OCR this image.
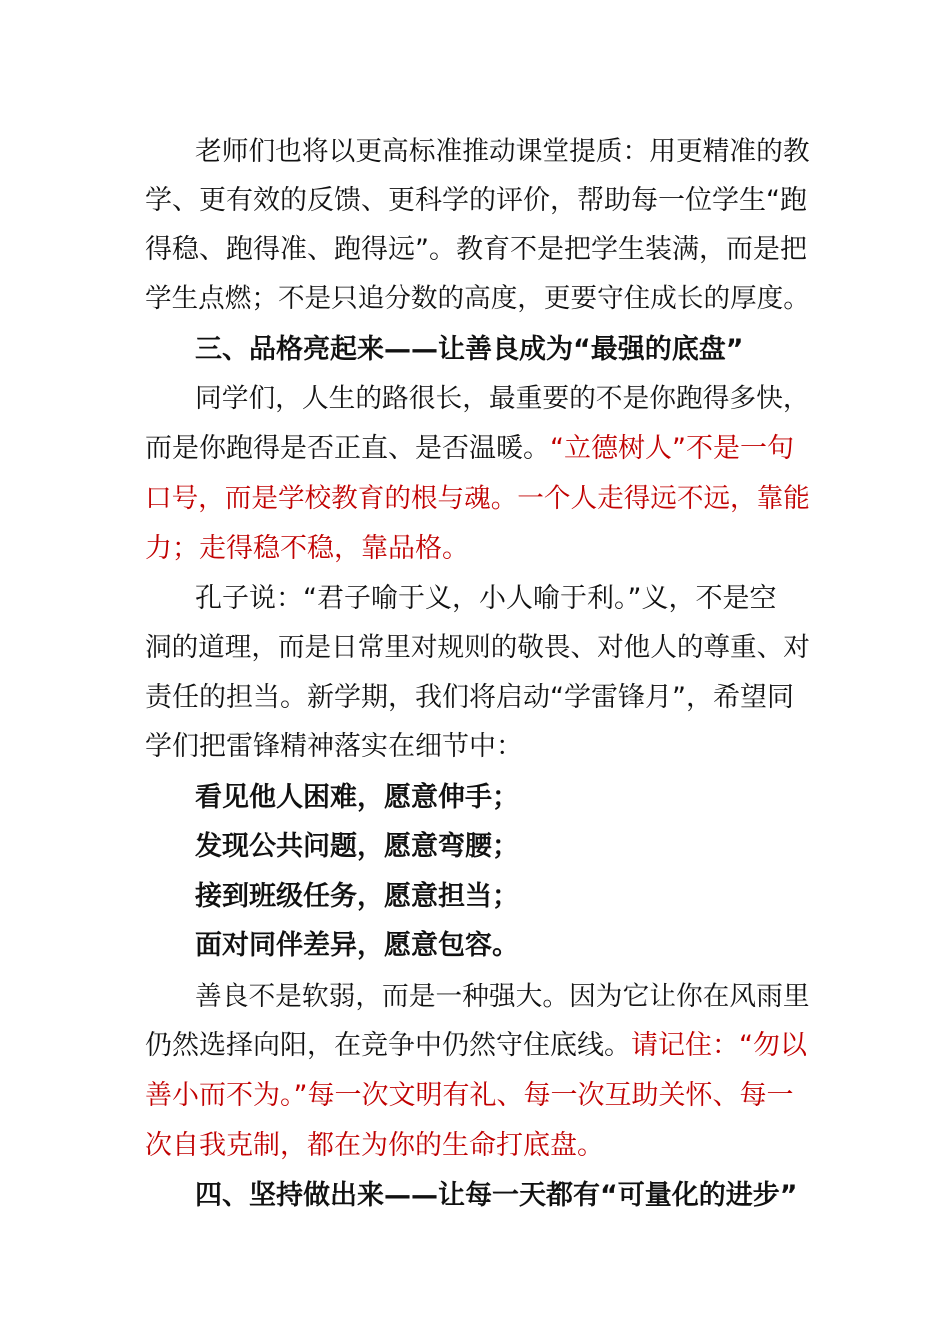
老师们也将以更高标准推动课堂提质：用更精准的教
学、更有效的反馈、更科学的评价，帮助每一位学生“跑
得稳、跑得准、跑得远”。教育不是把学生装满，而是把
学生点燃；不是只追分数的高度，更要守住成长的厚度。
三、品格亮起来——让善良成为“最强的底盘”
同学们，人生的路很长，最重要的不是你跑得多快，
而是你跑得是否正直、是否温暖。“立德树人”不是一句
口号，而是学校教育的根与魂。一个人走得远不远，靠能
力；走得稳不稳，靠品格。
孔子说：“君子喻于义，小人喻于利。”义，不是空
洞的道理，而是日常里对规则的敬畏、对他人的尊重、对
责任的担当。新学期，我们将启动“学雷锋月”，希望同
学们把雷锋精神落实在细节中：
看见他人困难，愿意伸手；
发现公共问题，愿意弯腰；
接到班级任务，愿意担当；
面对同伴差异，愿意包容。
善良不是软弱，而是一种强大。因为它让你在风雨里
仍然选择向阳，在竞争中仍然守住底线。请记住：“勿以
善小而不为。”每一次文明有礼、每一次互助关怀、每一
次自我克制，都在为你的生命打底盘。
四、坚持做出来——让每一天都有“可量化的进步”
